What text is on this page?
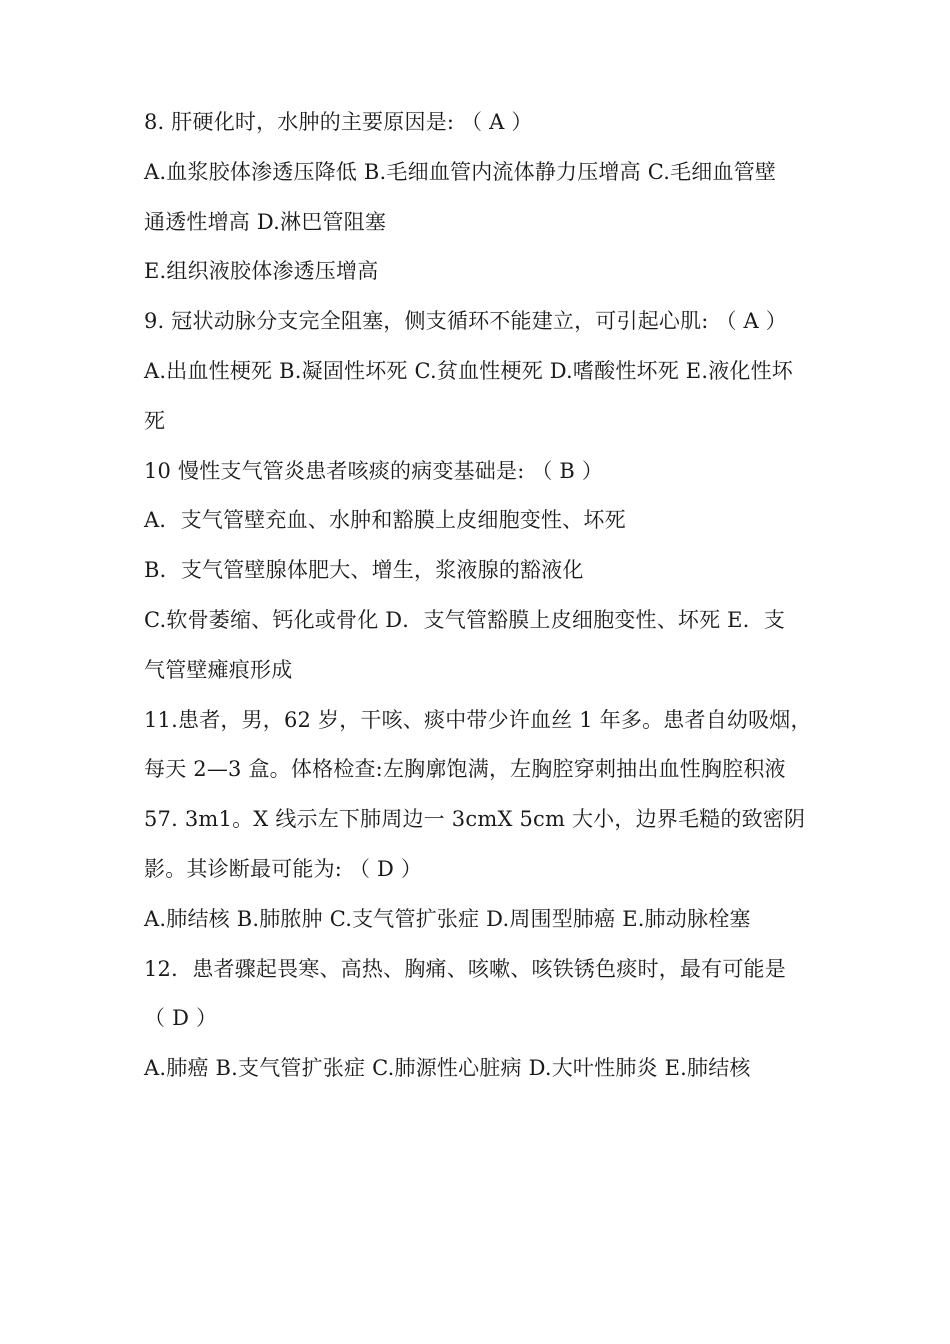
8. 肝硬化时，水肿的主要原因是: （ A ）
A.血浆胶体渗透压降低 B.毛细血管内流体静力压增高 C.毛细血管壁
通透性增高 D.淋巴管阻塞
E.组织液胶体渗透压增高
9. 冠状动脉分支完全阻塞，侧支循环不能建立，可引起心肌: （ A ）
A.出血性梗死 B.凝固性坏死 C.贫血性梗死 D.嗜酸性坏死 E.液化性坏
死
10 慢性支气管炎患者咳痰的病变基础是: （ B ）
A．支气管壁充血、水肿和豁膜上皮细胞变性、坏死
B．支气管壁腺体肥大、增生，浆液腺的豁液化
C.软骨萎缩、钙化或骨化 D．支气管豁膜上皮细胞变性、坏死 E．支
气管壁瘫痕形成
11.患者，男，62 岁，干咳、痰中带少许血丝 1 年多。患者自幼吸烟，
每天 2—3 盒。体格检查:左胸廓饱满，左胸腔穿刺抽出血性胸腔积液
57. 3m1。X 线示左下肺周边一 3cmX 5cm 大小，边界毛糙的致密阴
影。其诊断最可能为: （ D ）
A.肺结核 B.肺脓肿 C.支气管扩张症 D.周围型肺癌 E.肺动脉栓塞
12．患者骤起畏寒、高热、胸痛、咳嗽、咳铁锈色痰时，最有可能是
（ D ）
A.肺癌 B.支气管扩张症 C.肺源性心脏病 D.大叶性肺炎 E.肺结核
